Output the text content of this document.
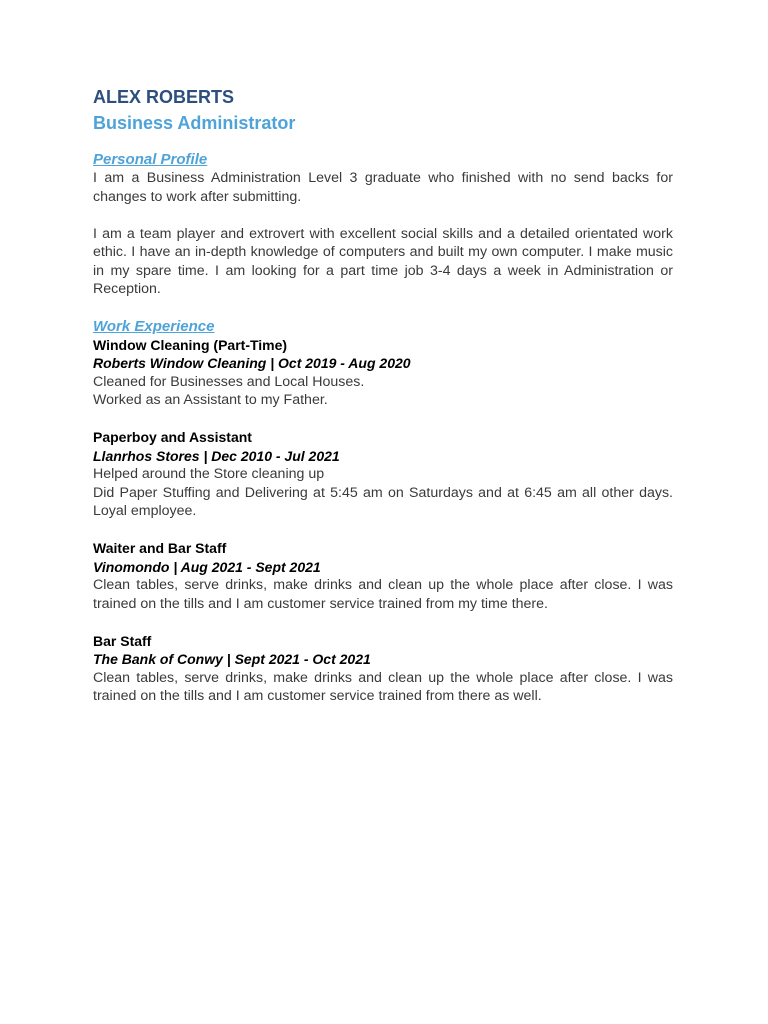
ALEX ROBERTS
Business Administrator
Personal Profile

I am a Business Administration Level 3 graduate who finished with no send backs for changes to work after submitting.

I am a team player and extrovert with excellent social skills and a detailed orientated work ethic. I have an in-depth knowledge of computers and built my own computer. I make music in my spare time. I am looking for a part time job 3-4 days a week in Administration or Reception.

Work Experience

Window Cleaning (Part-Time)

Roberts Window Cleaning | Oct 2019 - Aug 2020

Cleaned for Businesses and Local Houses.

Worked as an Assistant to my Father.

Paperboy and Assistant

Llanrhos Stores | Dec 2010 - Jul 2021

Helped around the Store cleaning up

Did Paper Stuffing and Delivering at 5:45 am on Saturdays and at 6:45 am all other days. Loyal employee.

Waiter and Bar Staff

Vinomondo | Aug 2021 - Sept 2021

Clean tables, serve drinks, make drinks and clean up the whole place after close. I was trained on the tills and I am customer service trained from my time there.

Bar Staff

The Bank of Conwy | Sept 2021 - Oct 2021

Clean tables, serve drinks, make drinks and clean up the whole place after close. I was trained on the tills and I am customer service trained from there as well.
